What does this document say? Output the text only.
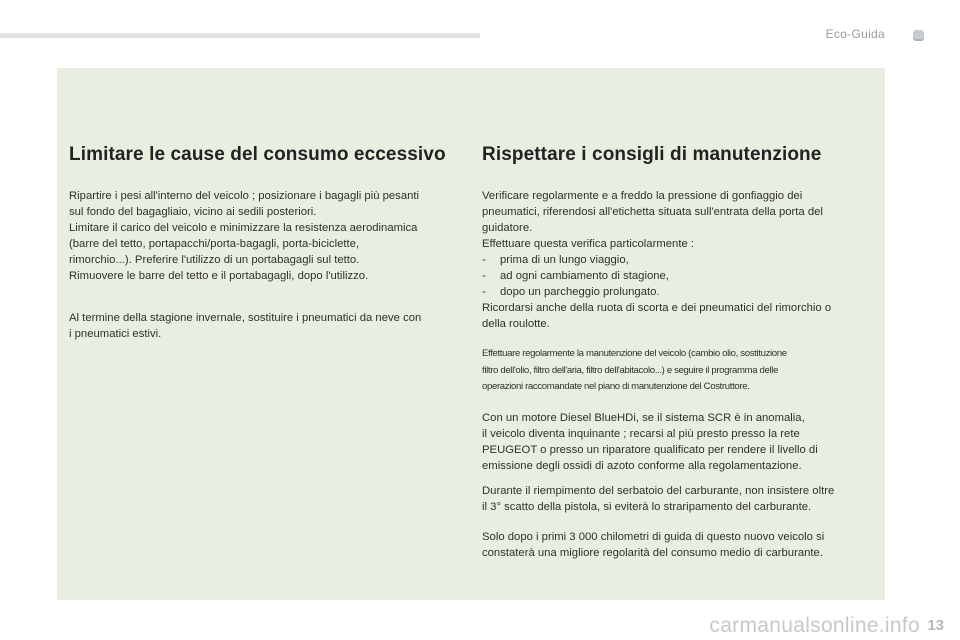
Eco-Guida
Limitare le cause del consumo eccessivo

Ripartire i pesi all'interno del veicolo ; posizionare i bagagli più pesanti
sul fondo del bagagliaio, vicino ai sedili posteriori.
Limitare il carico del veicolo e minimizzare la resistenza aerodinamica
(barre del tetto, portapacchi/porta-bagagli, porta-biciclette,
rimorchio...). Preferire l'utilizzo di un portabagagli sul tetto.
Rimuovere le barre del tetto e il portabagagli, dopo l'utilizzo.

Al termine della stagione invernale, sostituire i pneumatici da neve con
i pneumatici estivi.

Rispettare i consigli di manutenzione

Verificare regolarmente e a freddo la pressione di gonfiaggio dei
pneumatici, riferendosi all'etichetta situata sull'entrata della porta del
guidatore.
Effettuare questa verifica particolarmente :

-	prima di un lungo viaggio,

-	ad ogni cambiamento di stagione,

-	dopo un parcheggio prolungato.

Ricordarsi anche della ruota di scorta e dei pneumatici del rimorchio o
della roulotte.

Effettuare regolarmente la manutenzione del veicolo (cambio olio, sostituzione
filtro dell'olio, filtro dell'aria, filtro dell'abitacolo...) e seguire il programma delle
operazioni raccomandate nel piano di manutenzione del Costruttore.

Con un motore Diesel BlueHDi, se il sistema SCR è in anomalia,
il veicolo diventa inquinante ; recarsi al più presto presso la rete
PEUGEOT o presso un riparatore qualificato per rendere il livello di
emissione degli ossidi di azoto conforme alla regolamentazione.

Durante il riempimento del serbatoio del carburante, non insistere oltre
il 3° scatto della pistola, si eviterà lo straripamento del carburante.

Solo dopo i primi 3 000 chilometri di guida di questo nuovo veicolo si
constaterà una migliore regolarità del consumo medio di carburante.

13
carmanualsonline.info
